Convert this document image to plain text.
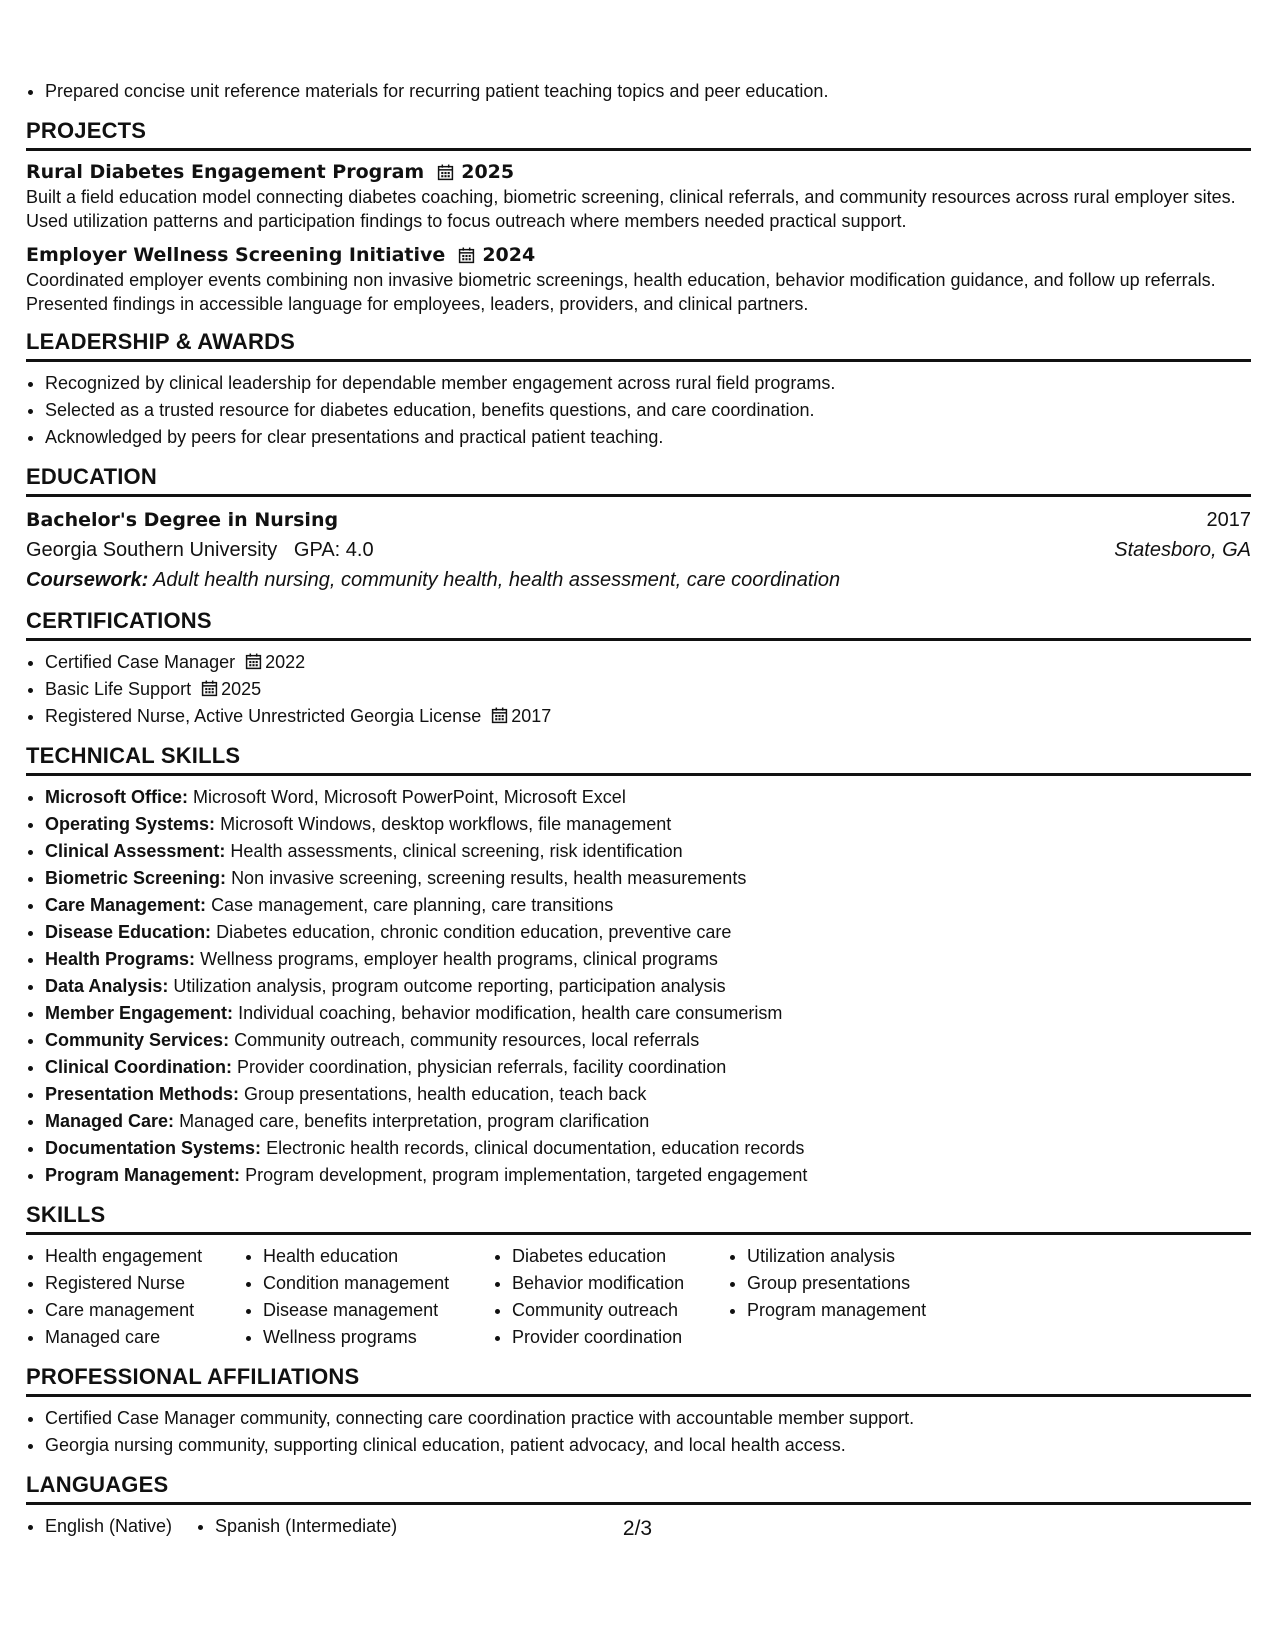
• Prepared concise unit reference materials for recurring patient teaching topics and peer education.
PROJECTS
Rural Diabetes Engagement Program 2025
Built a field education model connecting diabetes coaching, biometric screening, clinical referrals, and community resources across rural employer sites. Used utilization patterns and participation findings to focus outreach where members needed practical support.
Employer Wellness Screening Initiative 2024
Coordinated employer events combining non invasive biometric screenings, health education, behavior modification guidance, and follow up referrals. Presented findings in accessible language for employees, leaders, providers, and clinical partners.
LEADERSHIP & AWARDS
• Recognized by clinical leadership for dependable member engagement across rural field programs.
• Selected as a trusted resource for diabetes education, benefits questions, and care coordination.
• Acknowledged by peers for clear presentations and practical patient teaching.
EDUCATION
Bachelor's Degree in Nursing	2017
Georgia Southern University GPA: 4.0	Statesboro, GA
Coursework: Adult health nursing, community health, health assessment, care coordination
CERTIFICATIONS
• Certified Case Manager 2022
• Basic Life Support 2025
• Registered Nurse, Active Unrestricted Georgia License 2017
TECHNICAL SKILLS
• Microsoft Office: Microsoft Word, Microsoft PowerPoint, Microsoft Excel
• Operating Systems: Microsoft Windows, desktop workflows, file management
• Clinical Assessment: Health assessments, clinical screening, risk identification
• Biometric Screening: Non invasive screening, screening results, health measurements
• Care Management: Case management, care planning, care transitions
• Disease Education: Diabetes education, chronic condition education, preventive care
• Health Programs: Wellness programs, employer health programs, clinical programs
• Data Analysis: Utilization analysis, program outcome reporting, participation analysis
• Member Engagement: Individual coaching, behavior modification, health care consumerism
• Community Services: Community outreach, community resources, local referrals
• Clinical Coordination: Provider coordination, physician referrals, facility coordination
• Presentation Methods: Group presentations, health education, teach back
• Managed Care: Managed care, benefits interpretation, program clarification
• Documentation Systems: Electronic health records, clinical documentation, education records
• Program Management: Program development, program implementation, targeted engagement
SKILLS
• Health engagement
• Registered Nurse
• Care management
• Managed care
• Health education
• Condition management
• Disease management
• Wellness programs
• Diabetes education
• Behavior modification
• Community outreach
• Provider coordination
• Utilization analysis
• Group presentations
• Program management
PROFESSIONAL AFFILIATIONS
• Certified Case Manager community, connecting care coordination practice with accountable member support.
• Georgia nursing community, supporting clinical education, patient advocacy, and local health access.
LANGUAGES
• English (Native)
• Spanish (Intermediate)	2/3
